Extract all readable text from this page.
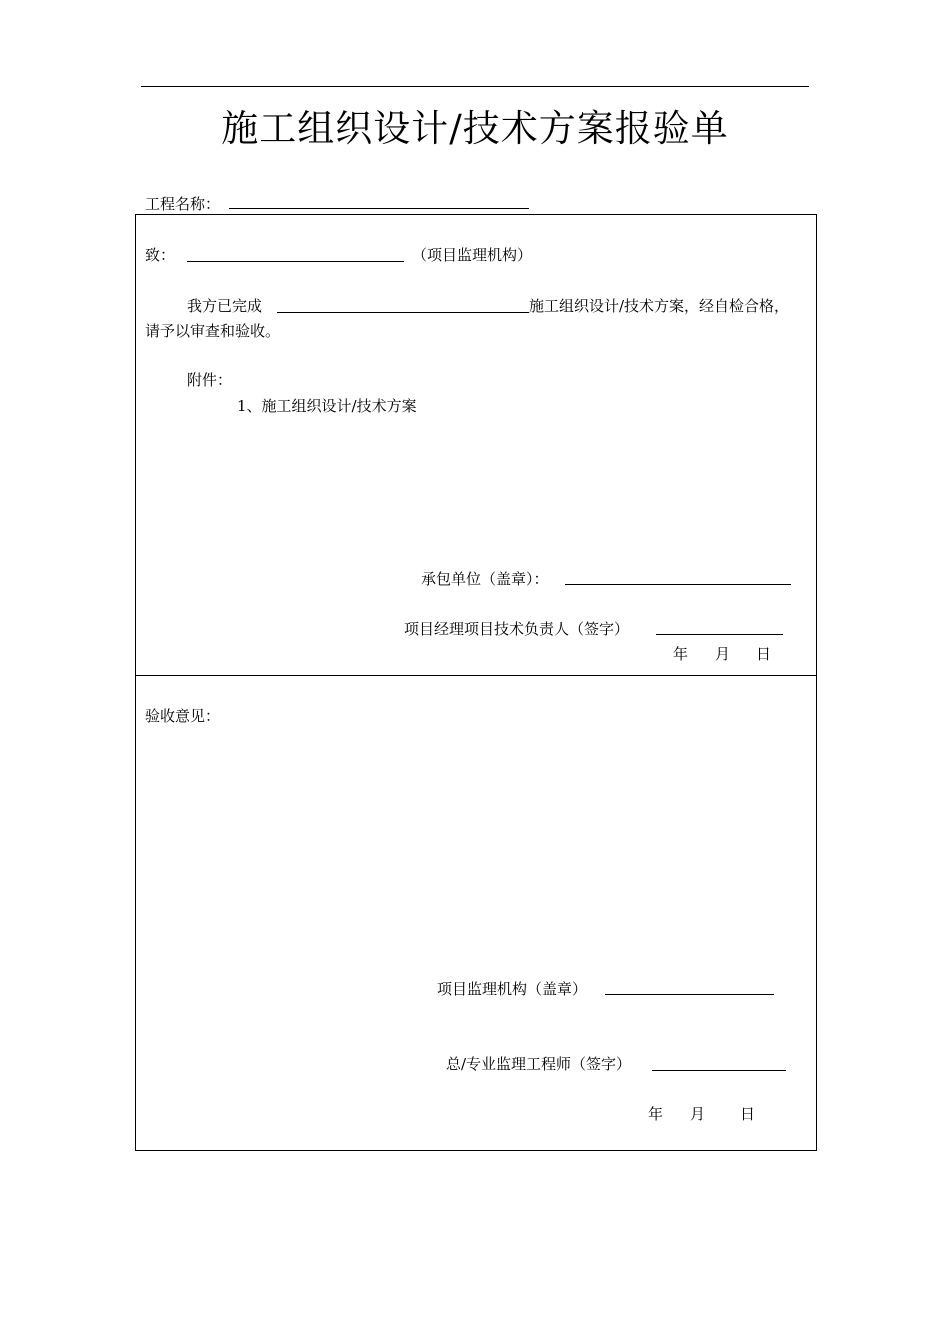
施工组织设计/技术方案报验单
工程名称：
致：	（项目监理机构）
我方已完成	施工组织设计/技术方案，经自检合格，
请予以审查和验收。
附件：
1、施工组织设计/技术方案
承包单位（盖章）：
项目经理项目技术负责人（签字）
年 月 日
验收意见：
项目监理机构（盖章）
总/专业监理工程师（签字）
年 月 日
